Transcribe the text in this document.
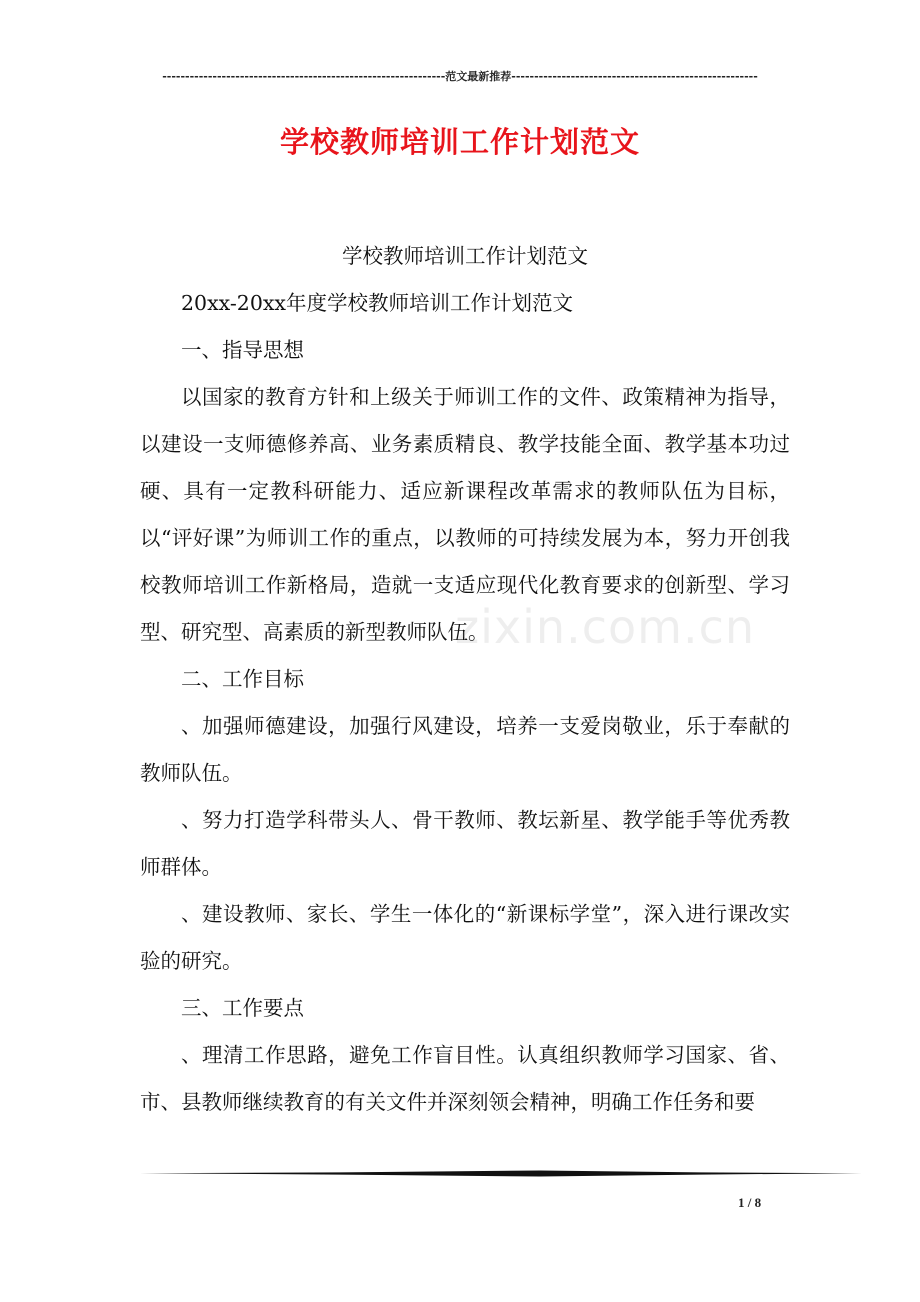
--------------------------------------------------------------范文最新推荐------------------------------------------------------
学校教师培训工作计划范文

学校教师培训工作计划范文

20xx-20xx年度学校教师培训工作计划范文

一、指导思想

以国家的教育方针和上级关于师训工作的文件、政策精神为指导，以建设一支师德修养高、业务素质精良、教学技能全面、教学基本功过硬、具有一定教科研能力、适应新课程改革需求的教师队伍为目标，以“评好课”为师训工作的重点，以教师的可持续发展为本，努力开创我校教师培训工作新格局，造就一支适应现代化教育要求的创新型、学习型、研究型、高素质的新型教师队伍。

二、工作目标

、加强师德建设，加强行风建设，培养一支爱岗敬业，乐于奉献的教师队伍。

、努力打造学科带头人、骨干教师、教坛新星、教学能手等优秀教师群体。

、建设教师、家长、学生一体化的“新课标学堂”，深入进行课改实验的研究。

三、工作要点

、理清工作思路，避免工作盲目性。认真组织教师学习国家、省、市、县教师继续教育的有关文件并深刻领会精神，明确工作任务和要

zixin.com.cn
1 / 8
